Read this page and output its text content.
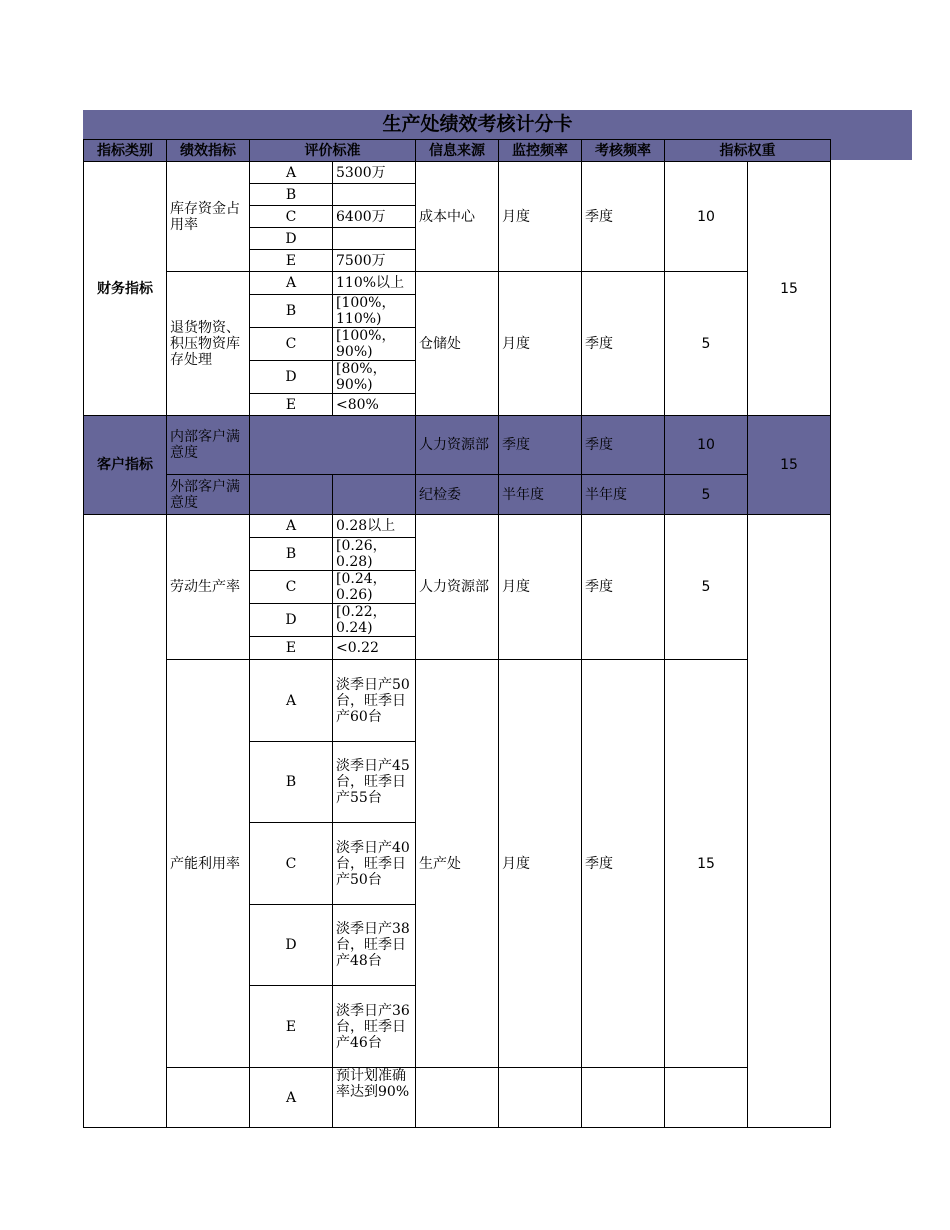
生产处绩效考核计分卡
指标类别	绩效指标	评价标准		信息来源	监控频率	考核频率	指标权重	
财务指标	库存资金占用率	A	5300万	成本中心	月度	季度	10	15
		B						
		C	6400万					
		D						
		E	7500万					
	退货物资、积压物资库存处理	A	110%以上	仓储处	月度	季度	5	
		B	[100%，110%)					
		C	[100%，90%)					
		D	[80%，90%)					
		E	<80%					
客户指标	内部客户满意度			人力资源部	季度	季度	10	15
	外部客户满意度			纪检委	半年度	半年度	5	
	劳动生产率	A	0.28以上	人力资源部	月度	季度	5	
		B	[0.26，0.28)					
		C	[0.24，0.26)					
		D	[0.22，0.24)					
		E	<0.22					
	产能利用率	A	淡季日产50台，旺季日产60台	生产处	月度	季度	15	
		B	淡季日产45台，旺季日产55台					
		C	淡季日产40台，旺季日产50台					
		D	淡季日产38台，旺季日产48台					
		E	淡季日产36台，旺季日产46台					
		A	预计划准确率达到90%					
